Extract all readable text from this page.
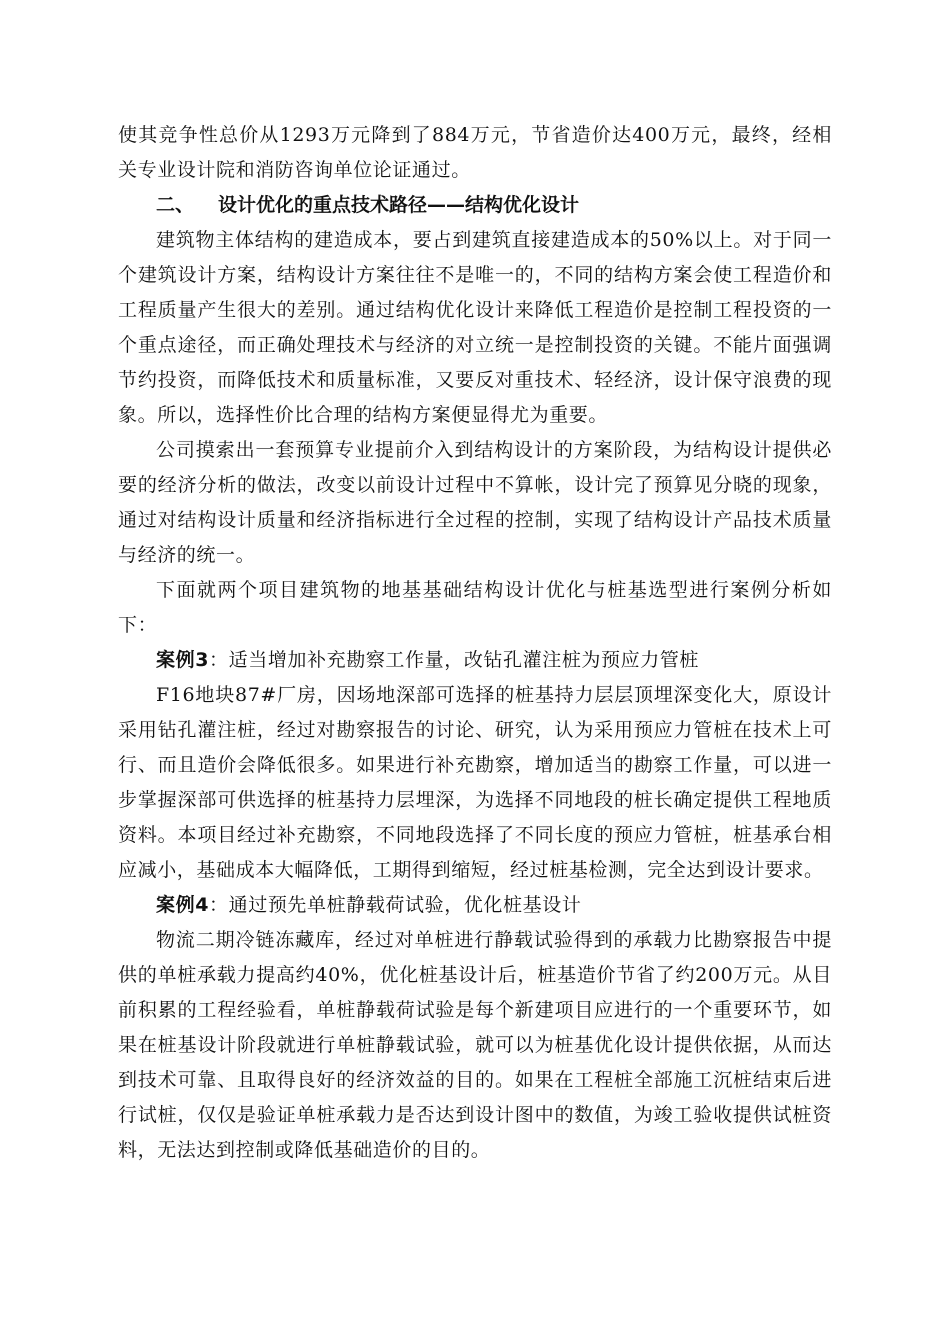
使其竞争性总价从1293万元降到了884万元，节省造价达400万元，最终，经相关专业设计院和消防咨询单位论证通过。

二、	设计优化的重点技术路径——结构优化设计

建筑物主体结构的建造成本，要占到建筑直接建造成本的50%以上。对于同一个建筑设计方案，结构设计方案往往不是唯一的，不同的结构方案会使工程造价和工程质量产生很大的差别。通过结构优化设计来降低工程造价是控制工程投资的一个重点途径，而正确处理技术与经济的对立统一是控制投资的关键。不能片面强调节约投资，而降低技术和质量标准，又要反对重技术、轻经济，设计保守浪费的现象。所以，选择性价比合理的结构方案便显得尤为重要。

公司摸索出一套预算专业提前介入到结构设计的方案阶段，为结构设计提供必要的经济分析的做法，改变以前设计过程中不算帐，设计完了预算见分晓的现象，通过对结构设计质量和经济指标进行全过程的控制，实现了结构设计产品技术质量与经济的统一。

下面就两个项目建筑物的地基基础结构设计优化与桩基选型进行案例分析如下：

案例3：适当增加补充勘察工作量，改钻孔灌注桩为预应力管桩

F16地块87#厂房，因场地深部可选择的桩基持力层层顶埋深变化大，原设计采用钻孔灌注桩，经过对勘察报告的讨论、研究，认为采用预应力管桩在技术上可行、而且造价会降低很多。如果进行补充勘察，增加适当的勘察工作量，可以进一步掌握深部可供选择的桩基持力层埋深，为选择不同地段的桩长确定提供工程地质资料。本项目经过补充勘察，不同地段选择了不同长度的预应力管桩，桩基承台相应减小，基础成本大幅降低，工期得到缩短，经过桩基检测，完全达到设计要求。

案例4：通过预先单桩静载荷试验，优化桩基设计

物流二期冷链冻藏库，经过对单桩进行静载试验得到的承载力比勘察报告中提供的单桩承载力提高约40%，优化桩基设计后，桩基造价节省了约200万元。从目前积累的工程经验看，单桩静载荷试验是每个新建项目应进行的一个重要环节，如果在桩基设计阶段就进行单桩静载试验，就可以为桩基优化设计提供依据，从而达到技术可靠、且取得良好的经济效益的目的。如果在工程桩全部施工沉桩结束后进行试桩，仅仅是验证单桩承载力是否达到设计图中的数值，为竣工验收提供试桩资料，无法达到控制或降低基础造价的目的。
